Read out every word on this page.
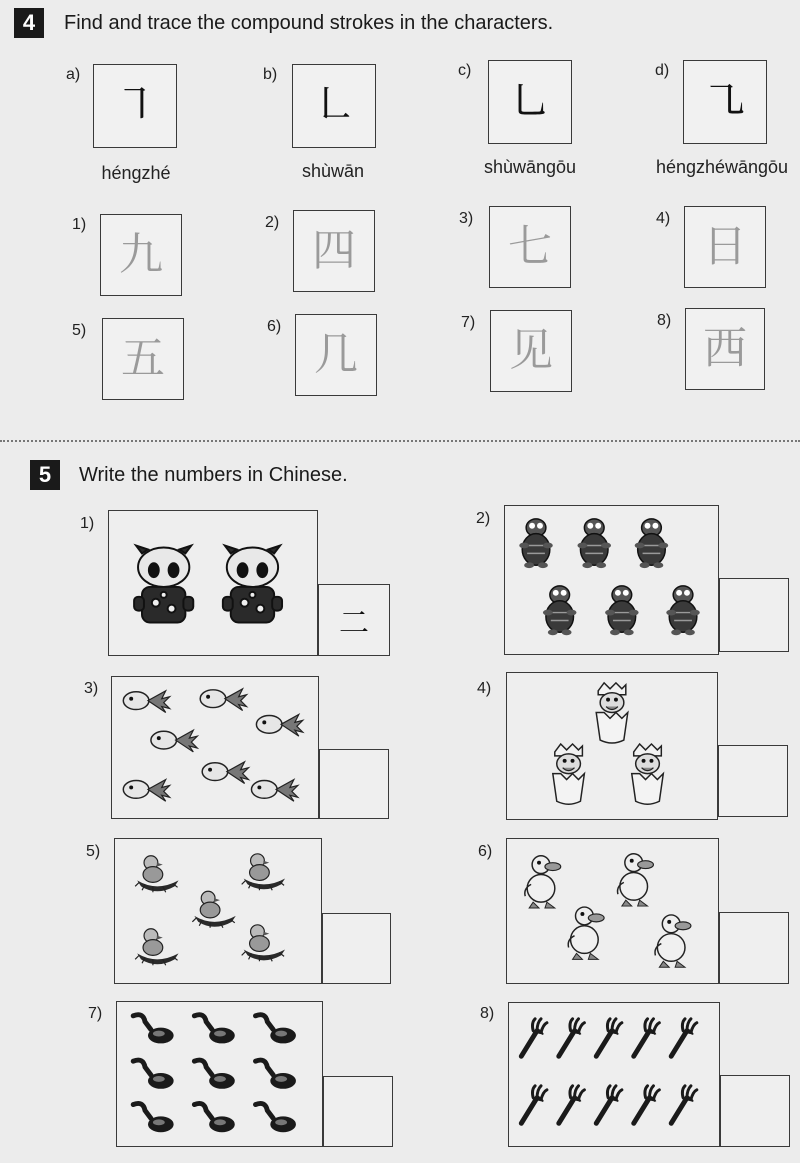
4	Find and trace the compound strokes in the characters.
a)
㇕
héngzhé
b)
㇗
shùwān
c)
㇟
shùwāngōu
d)
㇈
héngzhéwāngōu
1)
九
2)
四
3)
七
4)
日
5)
五
6)
几
7)
见
8)
西
5	Write the numbers in Chinese.
1)
二
2)
3)	4)
5)	6)
7)	8)
